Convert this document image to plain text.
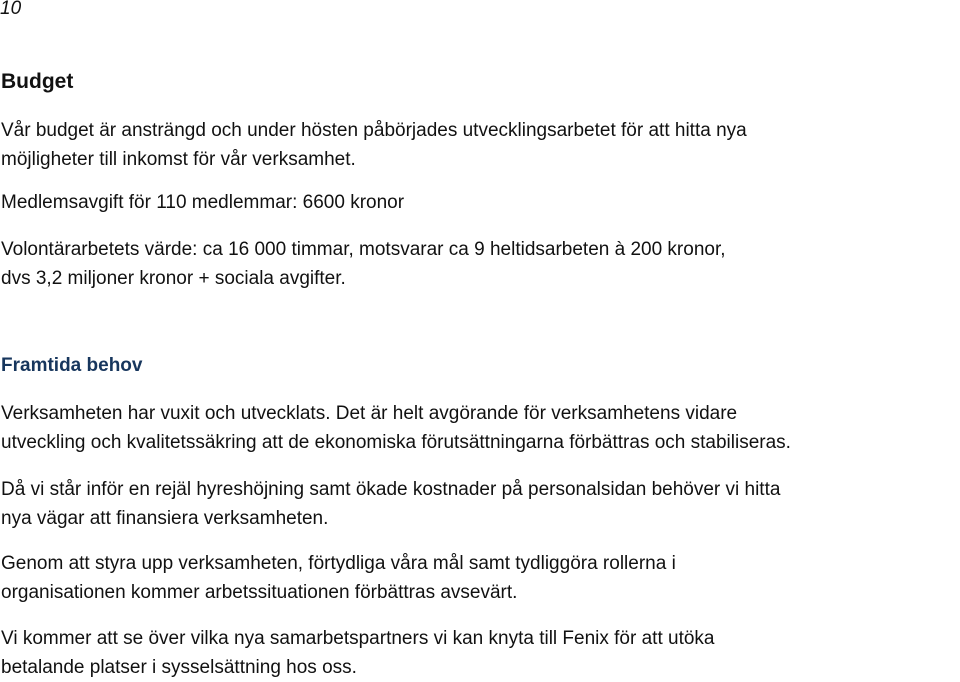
10
Budget

Vår budget är ansträngd och under hösten påbörjades utvecklingsarbetet för att hitta nya
möjligheter till inkomst för vår verksamhet.

Medlemsavgift för 110 medlemmar: 6600 kronor

Volontärarbetets värde: ca 16 000 timmar, motsvarar ca 9 heltidsarbeten à 200 kronor,
dvs 3,2 miljoner kronor + sociala avgifter.

Framtida behov

Verksamheten har vuxit och utvecklats. Det är helt avgörande för verksamhetens vidare
utveckling och kvalitetssäkring att de ekonomiska förutsättningarna förbättras och stabiliseras.

Då vi står inför en rejäl hyreshöjning samt ökade kostnader på personalsidan behöver vi hitta
nya vägar att finansiera verksamheten.

Genom att styra upp verksamheten, förtydliga våra mål samt tydliggöra rollerna i
organisationen kommer arbetssituationen förbättras avsevärt.

Vi kommer att se över vilka nya samarbetspartners vi kan knyta till Fenix för att utöka
betalande platser i sysselsättning hos oss.
